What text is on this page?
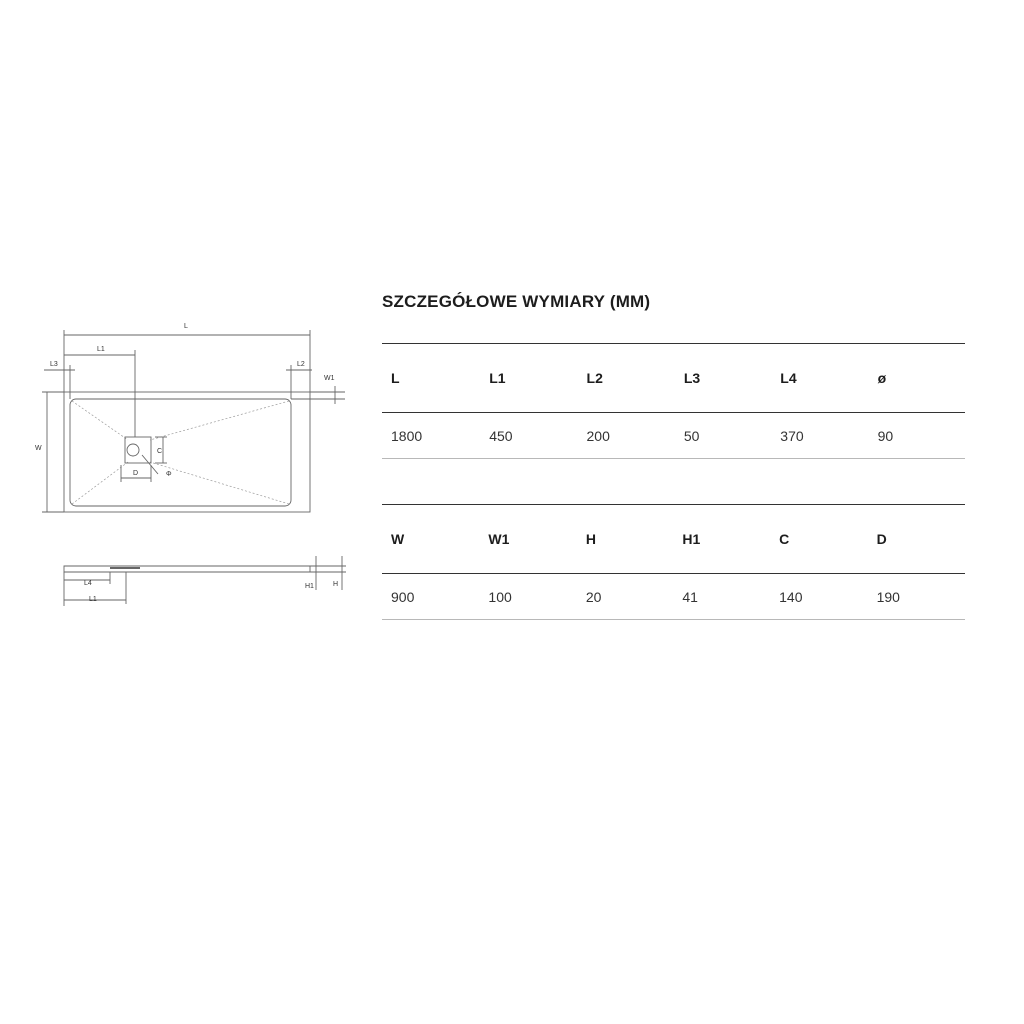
L
L1
L3	L2
W
W1
C
D	Φ
L4
L1
H1	H
SZCZEGÓŁOWE WYMIARY (MM)
L	L1	L2	L3	L4	ø
1800	450	200	50	370	90
W	W1	H	H1	C	D
900	100	20	41	140	190
